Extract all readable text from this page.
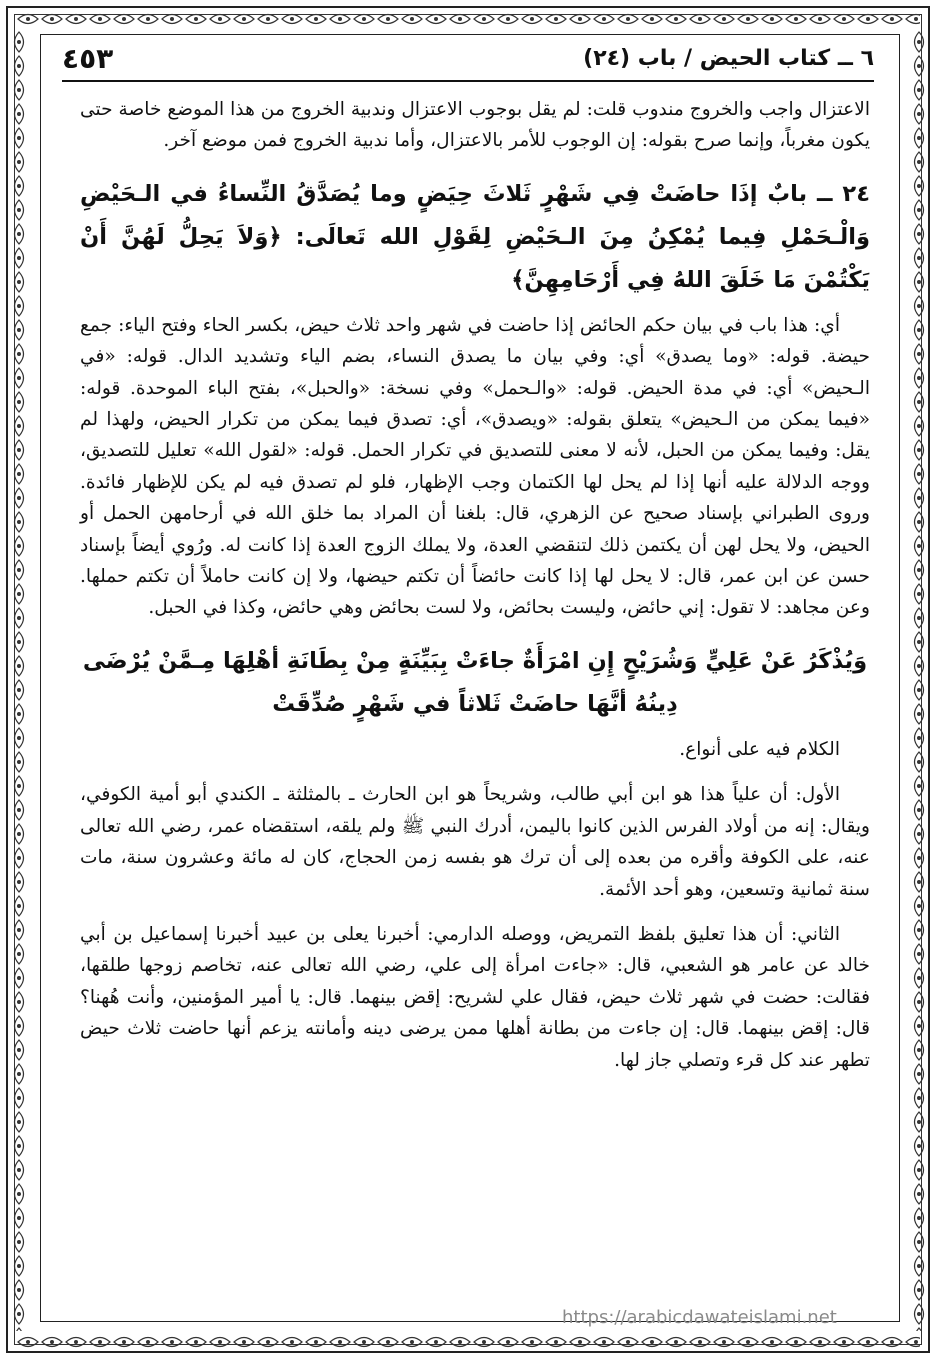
٦ ــ كتاب الحيض / باب (٢٤)
٤٥٣

الاعتزال واجب والخروج مندوب قلت: لم يقل بوجوب الاعتزال وندبية الخروج من هذا الموضع خاصة حتى يكون مغرباً، وإنما صرح بقوله: إن الوجوب للأمر بالاعتزال، وأما ندبية الخروج فمن موضع آخر.

٢٤ ــ بابٌ إذَا حاضَتْ فِي شَهْرٍ ثَلاثَ حِيَضٍ وما يُصَدَّقُ النِّساءُ في الـحَيْضِ وَالْـحَمْلِ فِيما يُمْكِنُ مِنَ الـحَيْضِ لِقَوْلِ الله تَعالَى: ﴿وَلاَ يَحِلُّ لَهُنَّ أَنْ يَكْتُمْنَ مَا خَلَقَ اللهُ فِي أَرْحَامِهِنَّ﴾

أي: هذا باب في بيان حكم الحائض إذا حاضت في شهر واحد ثلاث حيض، بكسر الحاء وفتح الياء: جمع حيضة. قوله: «وما يصدق» أي: وفي بيان ما يصدق النساء، بضم الياء وتشديد الدال. قوله: «في الـحيض» أي: في مدة الحيض. قوله: «والـحمل» وفي نسخة: «والحبل»، بفتح الباء الموحدة. قوله: «فيما يمكن من الـحيض» يتعلق بقوله: «ويصدق»، أي: تصدق فيما يمكن من تكرار الحيض، ولهذا لم يقل: وفيما يمكن من الحبل، لأنه لا معنى للتصديق في تكرار الحمل. قوله: «لقول الله» تعليل للتصديق، ووجه الدلالة عليه أنها إذا لم يحل لها الكتمان وجب الإظهار، فلو لم تصدق فيه لم يكن للإظهار فائدة. وروى الطبراني بإسناد صحيح عن الزهري، قال: بلغنا أن المراد بما خلق الله في أرحامهن الحمل أو الحيض، ولا يحل لهن أن يكتمن ذلك لتنقضي العدة، ولا يملك الزوج العدة إذا كانت له. ورُوي أيضاً بإسناد حسن عن ابن عمر، قال: لا يحل لها إذا كانت حائضاً أن تكتم حيضها، ولا إن كانت حاملاً أن تكتم حملها. وعن مجاهد: لا تقول: إني حائض، وليست بحائض، ولا لست بحائض وهي حائض، وكذا في الحبل.

وَيُذْكَرُ عَنْ عَلِيٍّ وَشُرَيْحٍ إِنِ امْرَأَةٌ جاءَتْ بِبَيِّنَةٍ مِنْ بِطَانَةِ أهْلِهَا مِـمَّنْ يُرْضَى دِينُهُ أنَّهَا حاضَتْ ثَلاثاً في شَهْرٍ صُدِّقَتْ

الكلام فيه على أنواع.

الأول: أن علياً هذا هو ابن أبي طالب، وشريحاً هو ابن الحارث ـ بالمثلثة ـ الكندي أبو أمية الكوفي، ويقال: إنه من أولاد الفرس الذين كانوا باليمن، أدرك النبي ﷺ ولم يلقه، استقضاه عمر، رضي الله تعالى عنه، على الكوفة وأقره من بعده إلى أن ترك هو بفسه زمن الحجاج، كان له مائة وعشرون سنة، مات سنة ثمانية وتسعين، وهو أحد الأئمة.

الثاني: أن هذا تعليق بلفظ التمريض، ووصله الدارمي: أخبرنا يعلى بن عبيد أخبرنا إسماعيل بن أبي خالد عن عامر هو الشعبي، قال: «جاءت امرأة إلى علي، رضي الله تعالى عنه، تخاصم زوجها طلقها، فقالت: حضت في شهر ثلاث حيض، فقال علي لشريح: إقض بينهما. قال: يا أمير المؤمنين، وأنت هُهنا؟ قال: إقض بينهما. قال: إن جاءت من بطانة أهلها ممن يرضى دينه وأمانته يزعم أنها حاضت ثلاث حيض تطهر عند كل قرء وتصلي جاز لها.

https://arabicdawateislami.net
